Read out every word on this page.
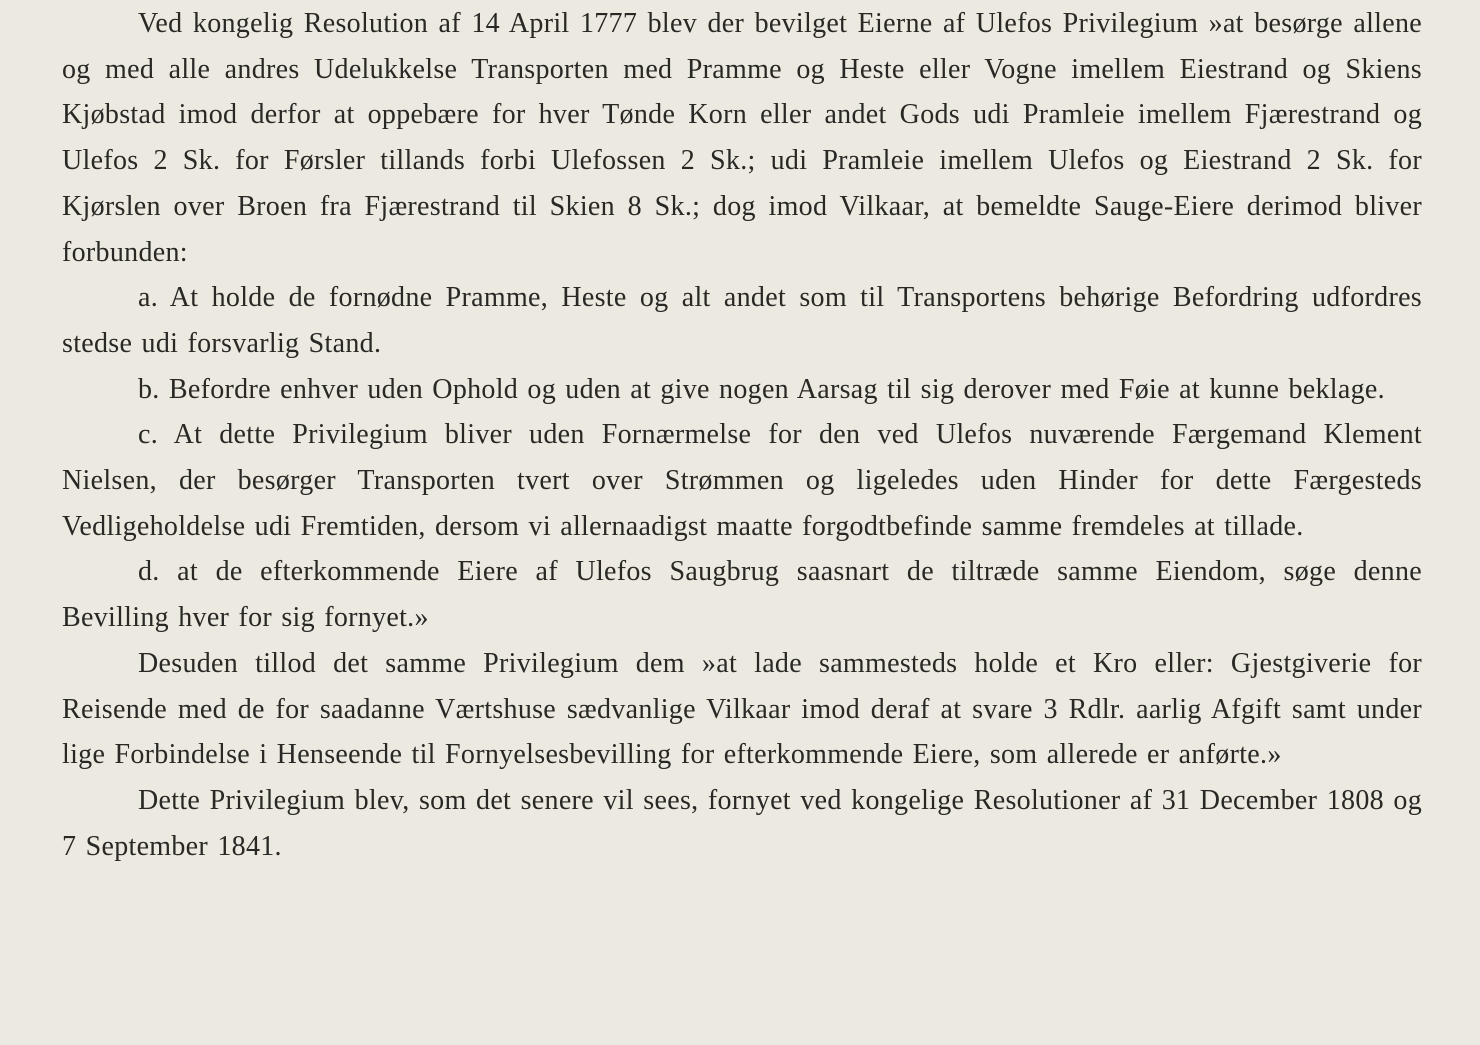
Ved kongelig Resolution af 14 April 1777 blev der bevilget Eierne af Ulefos Privilegium »at besørge allene og med alle andres Udelukkelse Transporten med Pramme og Heste eller Vogne imellem Eiestrand og Skiens Kjøbstad imod derfor at oppebære for hver Tønde Korn eller andet Gods udi Pramleie imellem Fjærestrand og Ulefos 2 Sk. for Førsler tillands forbi Ulefossen 2 Sk.; udi Pramleie imellem Ulefos og Eiestrand 2 Sk. for Kjørslen over Broen fra Fjærestrand til Skien 8 Sk.; dog imod Vilkaar, at bemeldte Sauge-Eiere derimod bliver forbunden:

a. At holde de fornødne Pramme, Heste og alt andet som til Transportens behørige Befordring udfordres stedse udi forsvarlig Stand.

b. Befordre enhver uden Ophold og uden at give nogen Aarsag til sig derover med Føie at kunne beklage.

c. At dette Privilegium bliver uden Fornærmelse for den ved Ulefos nuværende Færgemand Klement Nielsen, der besørger Transporten tvert over Strømmen og ligeledes uden Hinder for dette Færgesteds Vedligeholdelse udi Fremtiden, dersom vi allernaadigst maatte forgodtbefinde samme fremdeles at tillade.

d. at de efterkommende Eiere af Ulefos Saugbrug saasnart de tiltræde samme Eiendom, søge denne Bevilling hver for sig fornyet.»

Desuden tillod det samme Privilegium dem »at lade sammesteds holde et Kro eller: Gjestgiverie for Reisende med de for saadanne Værtshuse sædvanlige Vilkaar imod deraf at svare 3 Rdlr. aarlig Afgift samt under lige Forbindelse i Henseende til Fornyelsesbevilling for efterkommende Eiere, som allerede er anførte.»

Dette Privilegium blev, som det senere vil sees, fornyet ved kongelige Resolutioner af 31 December 1808 og 7 September 1841.
